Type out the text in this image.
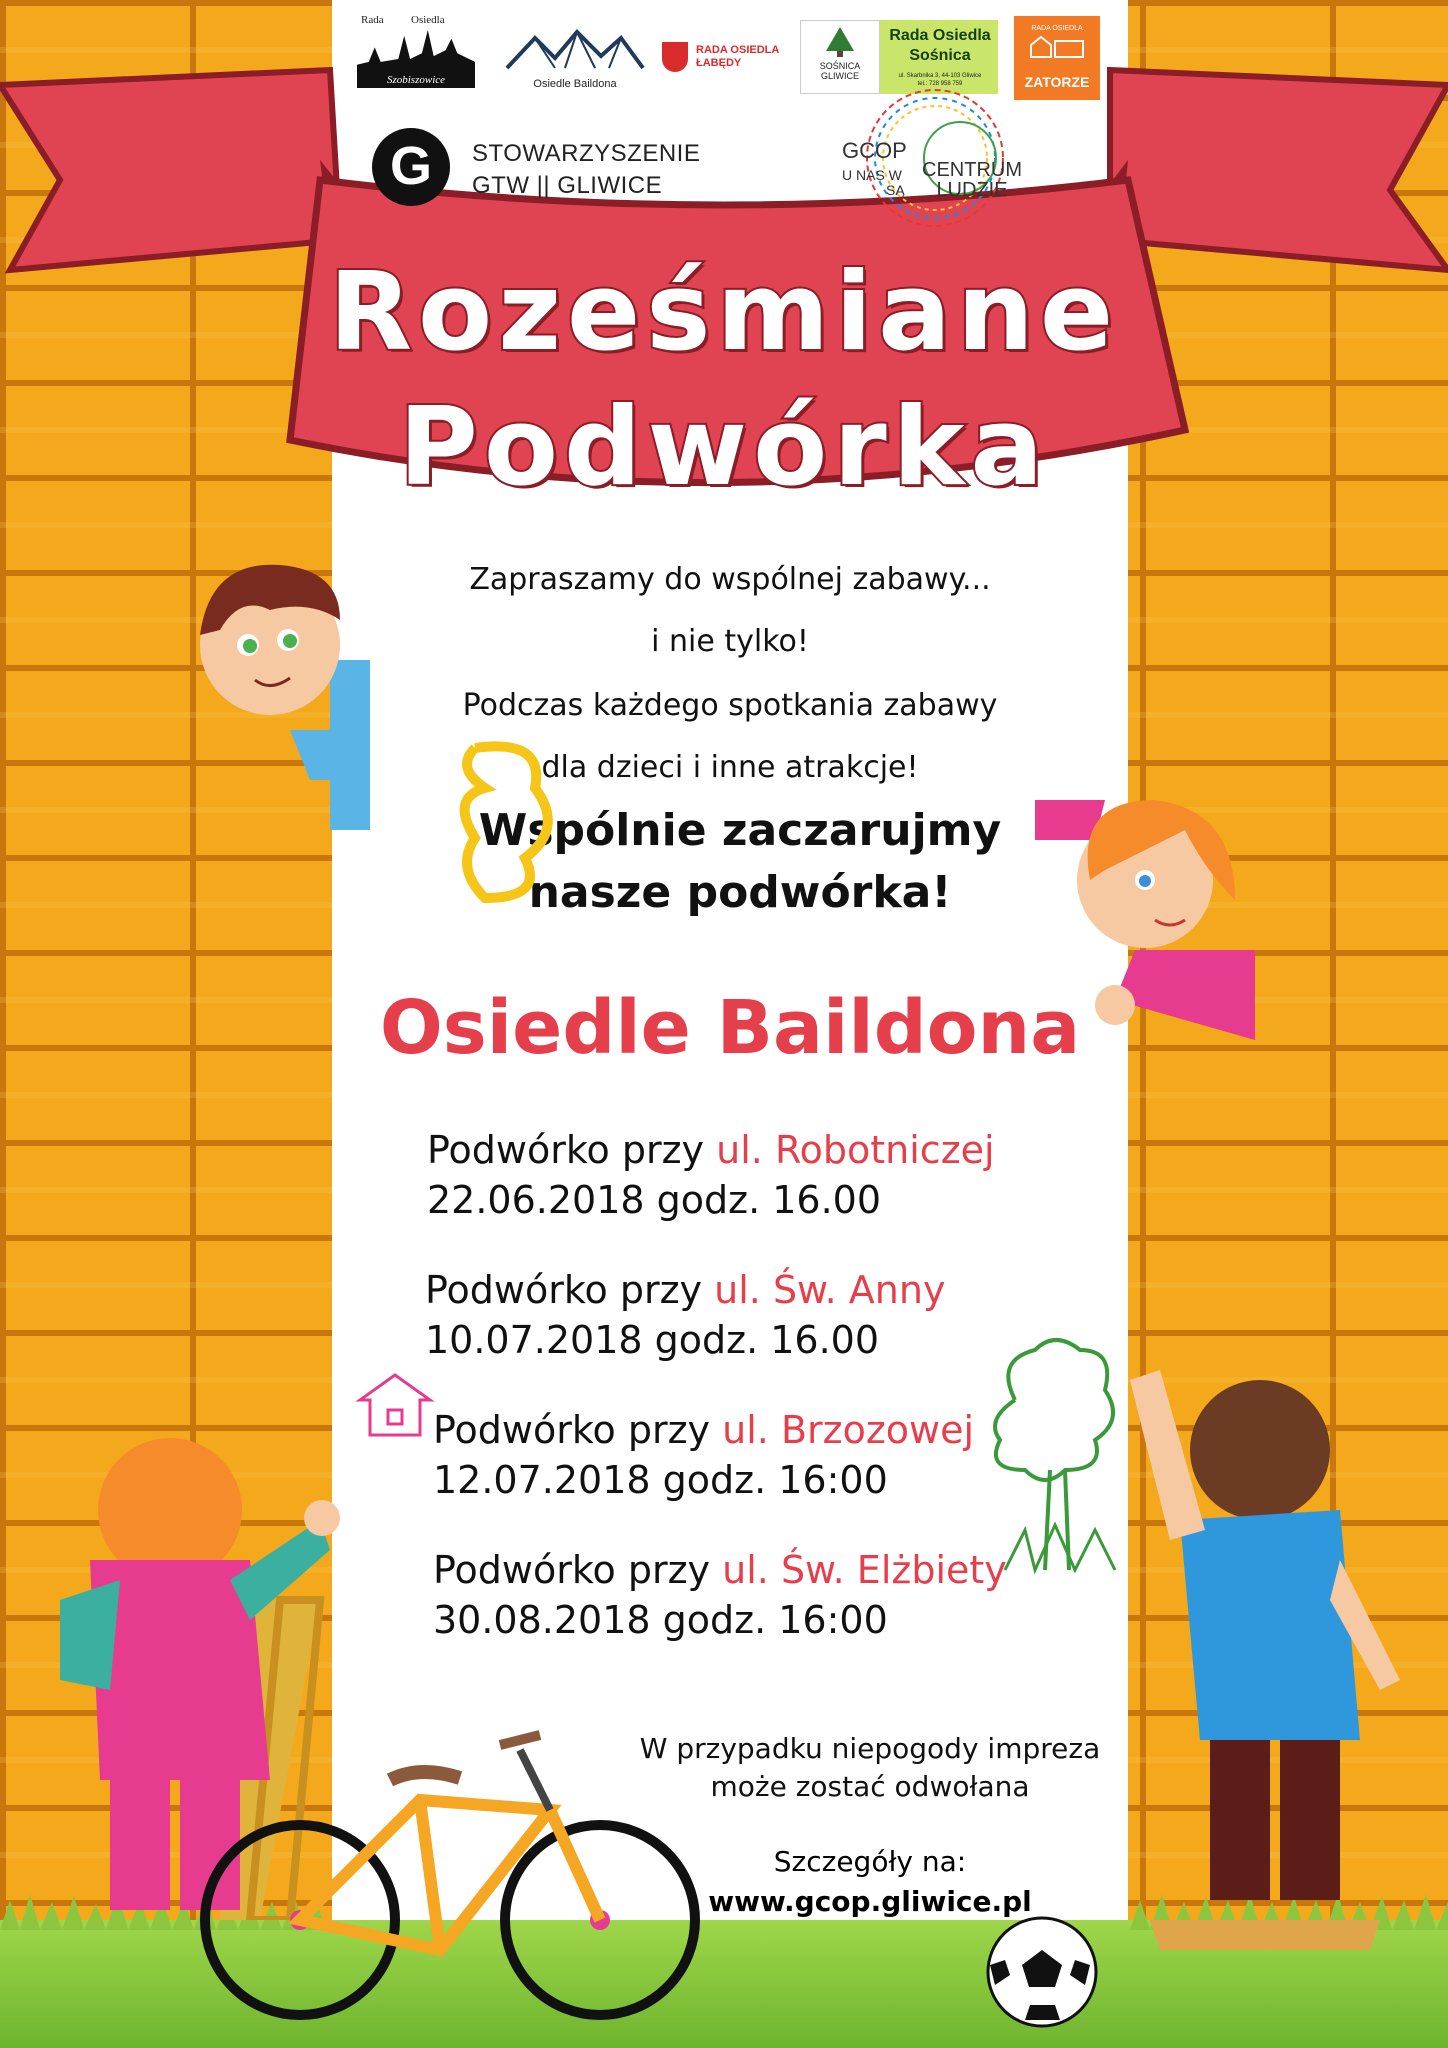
Rada Osiedla
Szobiszowice	Osiedle Baildona
RADA OSIEDLA
ŁABĘDY	SOŚNICA
GLIWICE
Rada Osiedla
Sośnica
ul. Skarbnika 3, 44-103 Gliwice
tel.: 728 958 759
RADA OSIEDLA
ZATORZE
G	STOWARZYSZENIE
GTW || GLIWICE
GCOP
U NAS W
SĄ
CENTRUM
LUDZIE
Roześmiane
Podwórka
Zapraszamy do wspólnej zabawy...
i nie tylko!
Podczas każdego spotkania zabawy
dla dzieci i inne atrakcje!
Wspólnie zaczarujmy
nasze podwórka!
Osiedle Baildona
Podwórko przy ul. Robotniczej
22.06.2018 godz. 16.00
Podwórko przy ul. Św. Anny
10.07.2018 godz. 16.00
Podwórko przy ul. Brzozowej
12.07.2018 godz. 16:00
Podwórko przy ul. Św. Elżbiety
30.08.2018 godz. 16:00
W przypadku niepogody impreza
może zostać odwołana
Szczegóły na:
www.gcop.gliwice.pl
